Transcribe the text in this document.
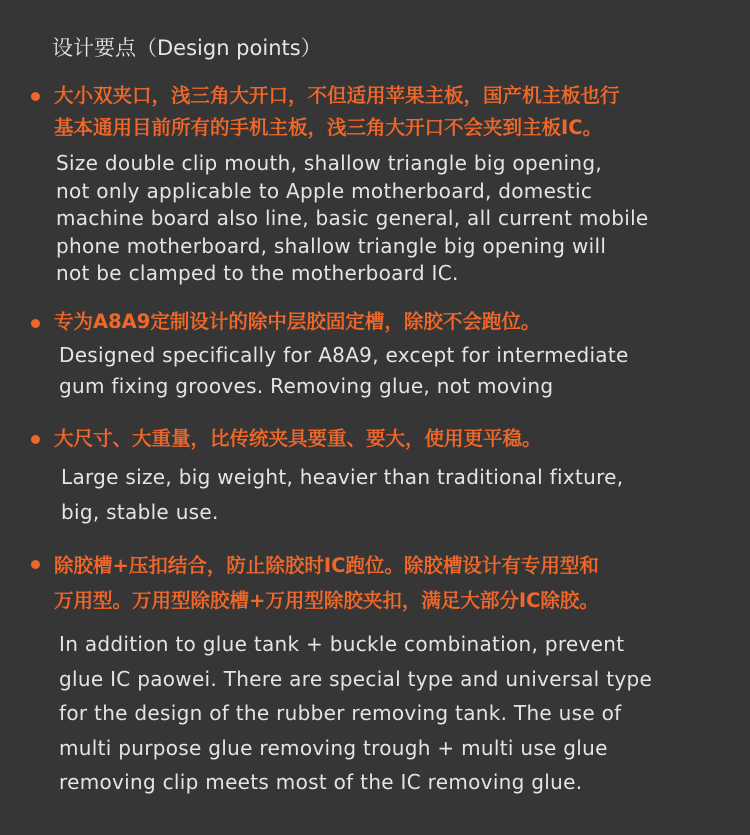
设计要点（Design points）
大小双夹口，浅三角大开口，不但适用苹果主板，国产机主板也行
基本通用目前所有的手机主板，浅三角大开口不会夹到主板IC。
Size double clip mouth, shallow triangle big opening,
not only applicable to Apple motherboard, domestic
machine board also line, basic general, all current mobile
phone motherboard, shallow triangle big opening will
not be clamped to the motherboard IC.
专为A8A9定制设计的除中层胶固定槽，除胶不会跑位。
Designed specifically for A8A9, except for intermediate
gum fixing grooves. Removing glue, not moving
大尺寸、大重量，比传统夹具要重、要大，使用更平稳。
Large size, big weight, heavier than traditional fixture,
big, stable use.
除胶槽+压扣结合，防止除胶时IC跑位。除胶槽设计有专用型和
万用型。万用型除胶槽+万用型除胶夹扣，满足大部分IC除胶。
In addition to glue tank + buckle combination, prevent
glue IC paowei. There are special type and universal type
for the design of the rubber removing tank. The use of
multi purpose glue removing trough + multi use glue
removing clip meets most of the IC removing glue.
